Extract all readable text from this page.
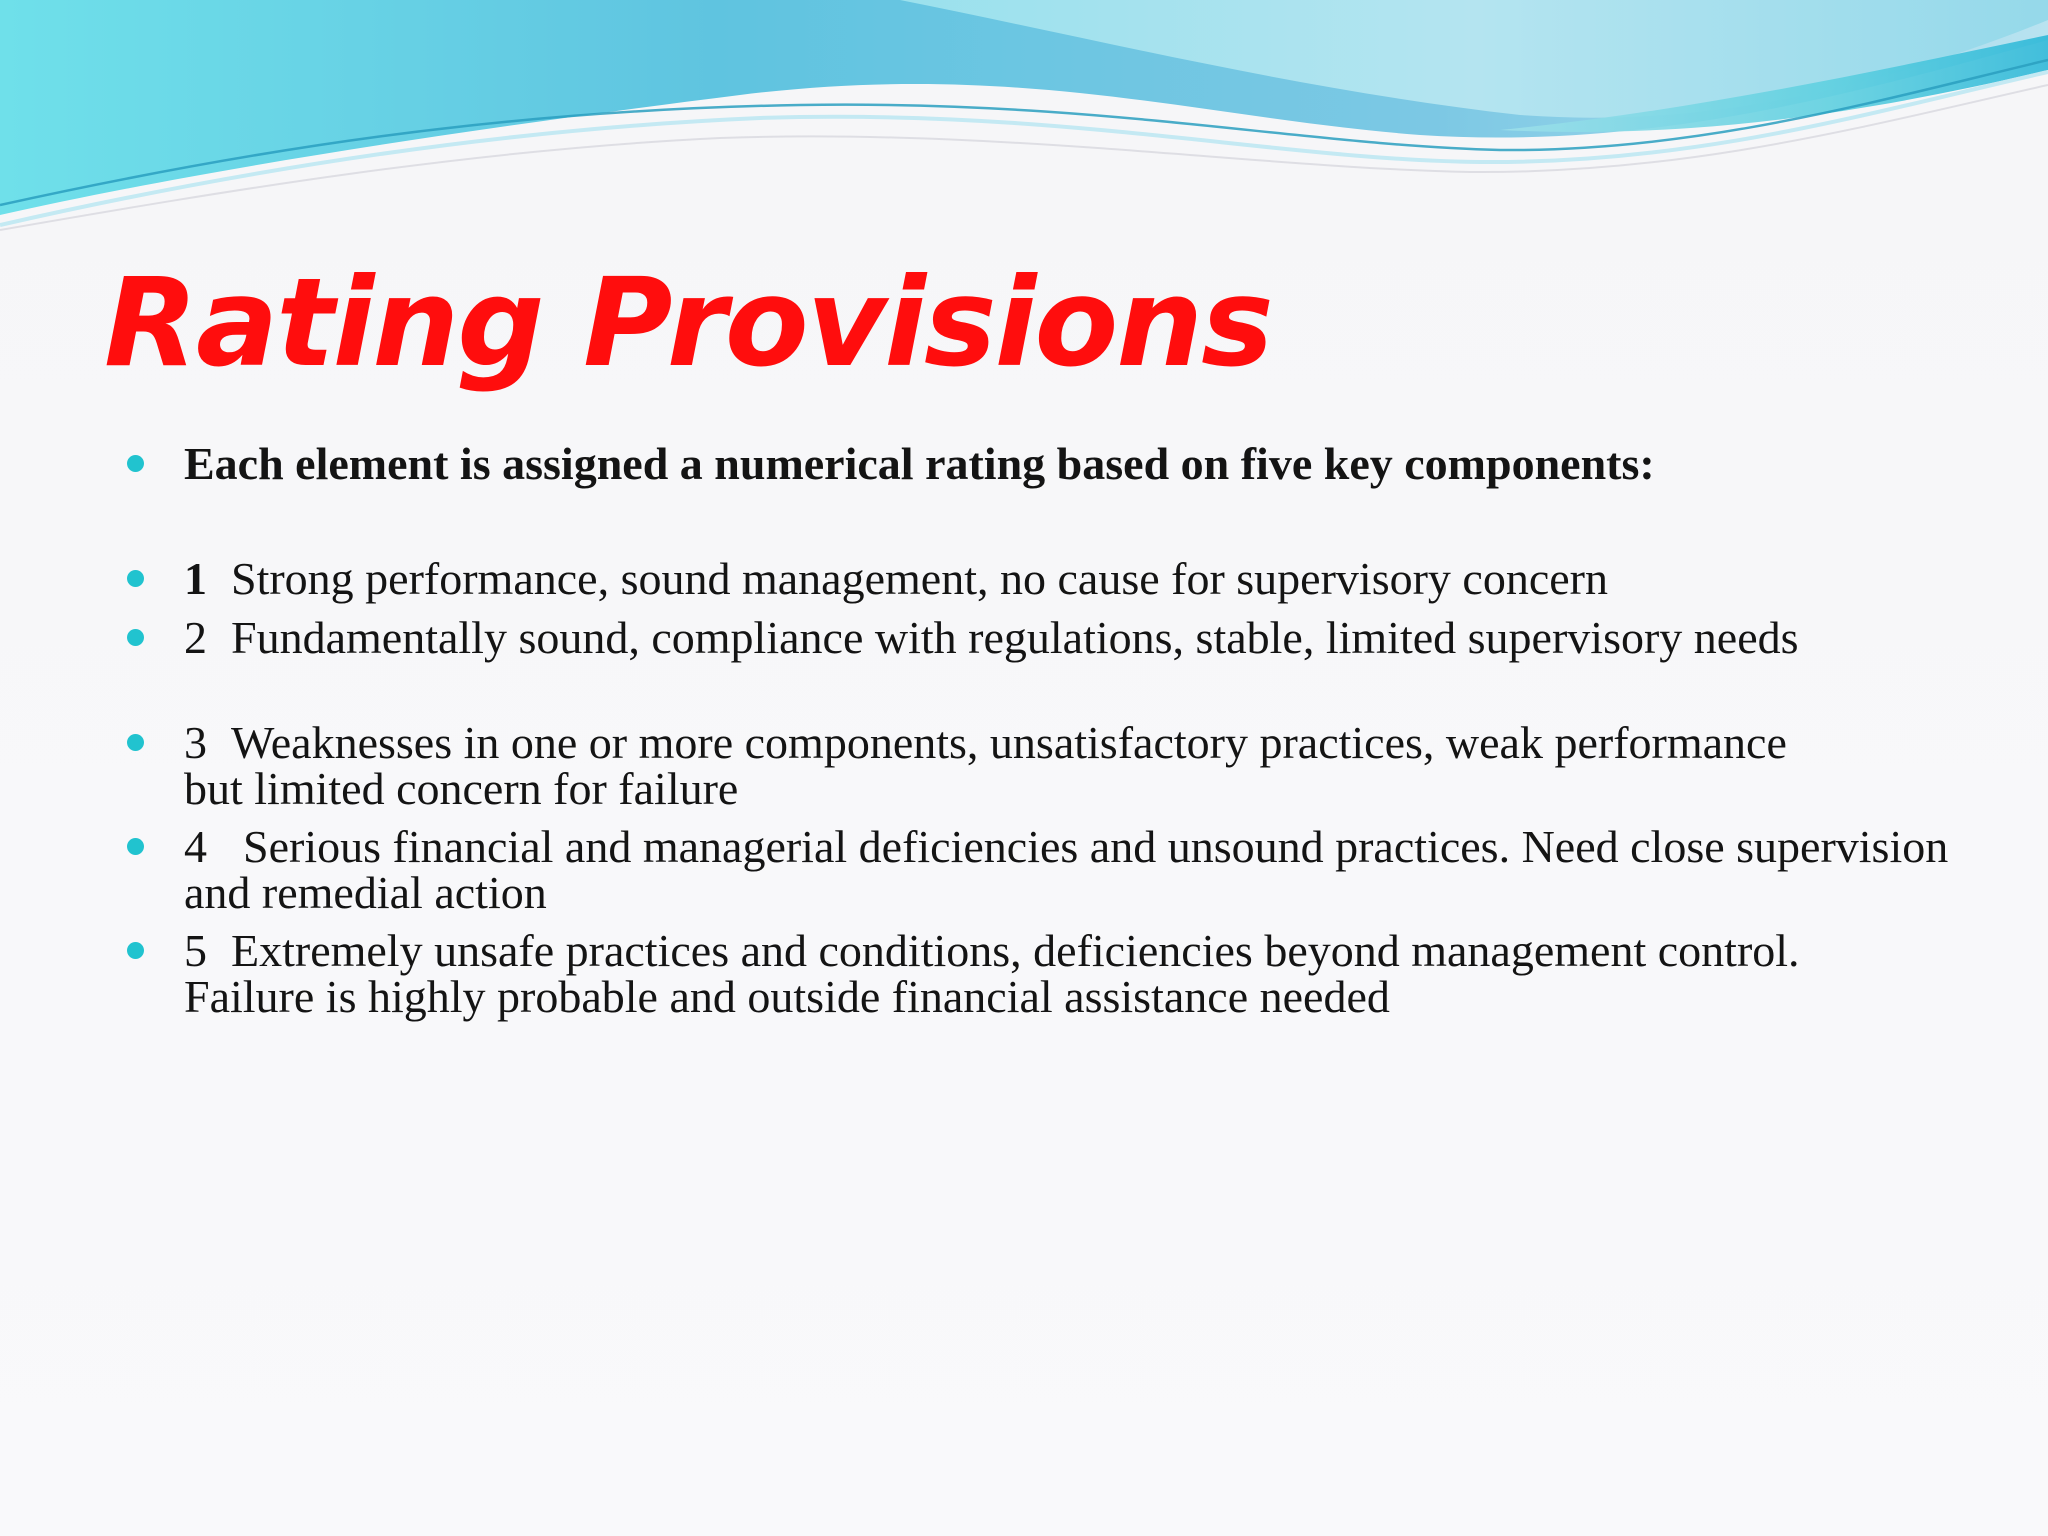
Rating Provisions
Each element is assigned a numerical rating based on five key components:
1 Strong performance, sound management, no cause for supervisory concern
2 Fundamentally sound, compliance with regulations, stable, limited supervisory needs
3 Weaknesses in one or more components, unsatisfactory practices, weak performance but limited concern for failure
4 Serious financial and managerial deficiencies and unsound practices. Need close supervision and remedial action
5 Extremely unsafe practices and conditions, deficiencies beyond management control. Failure is highly probable and outside financial assistance needed
